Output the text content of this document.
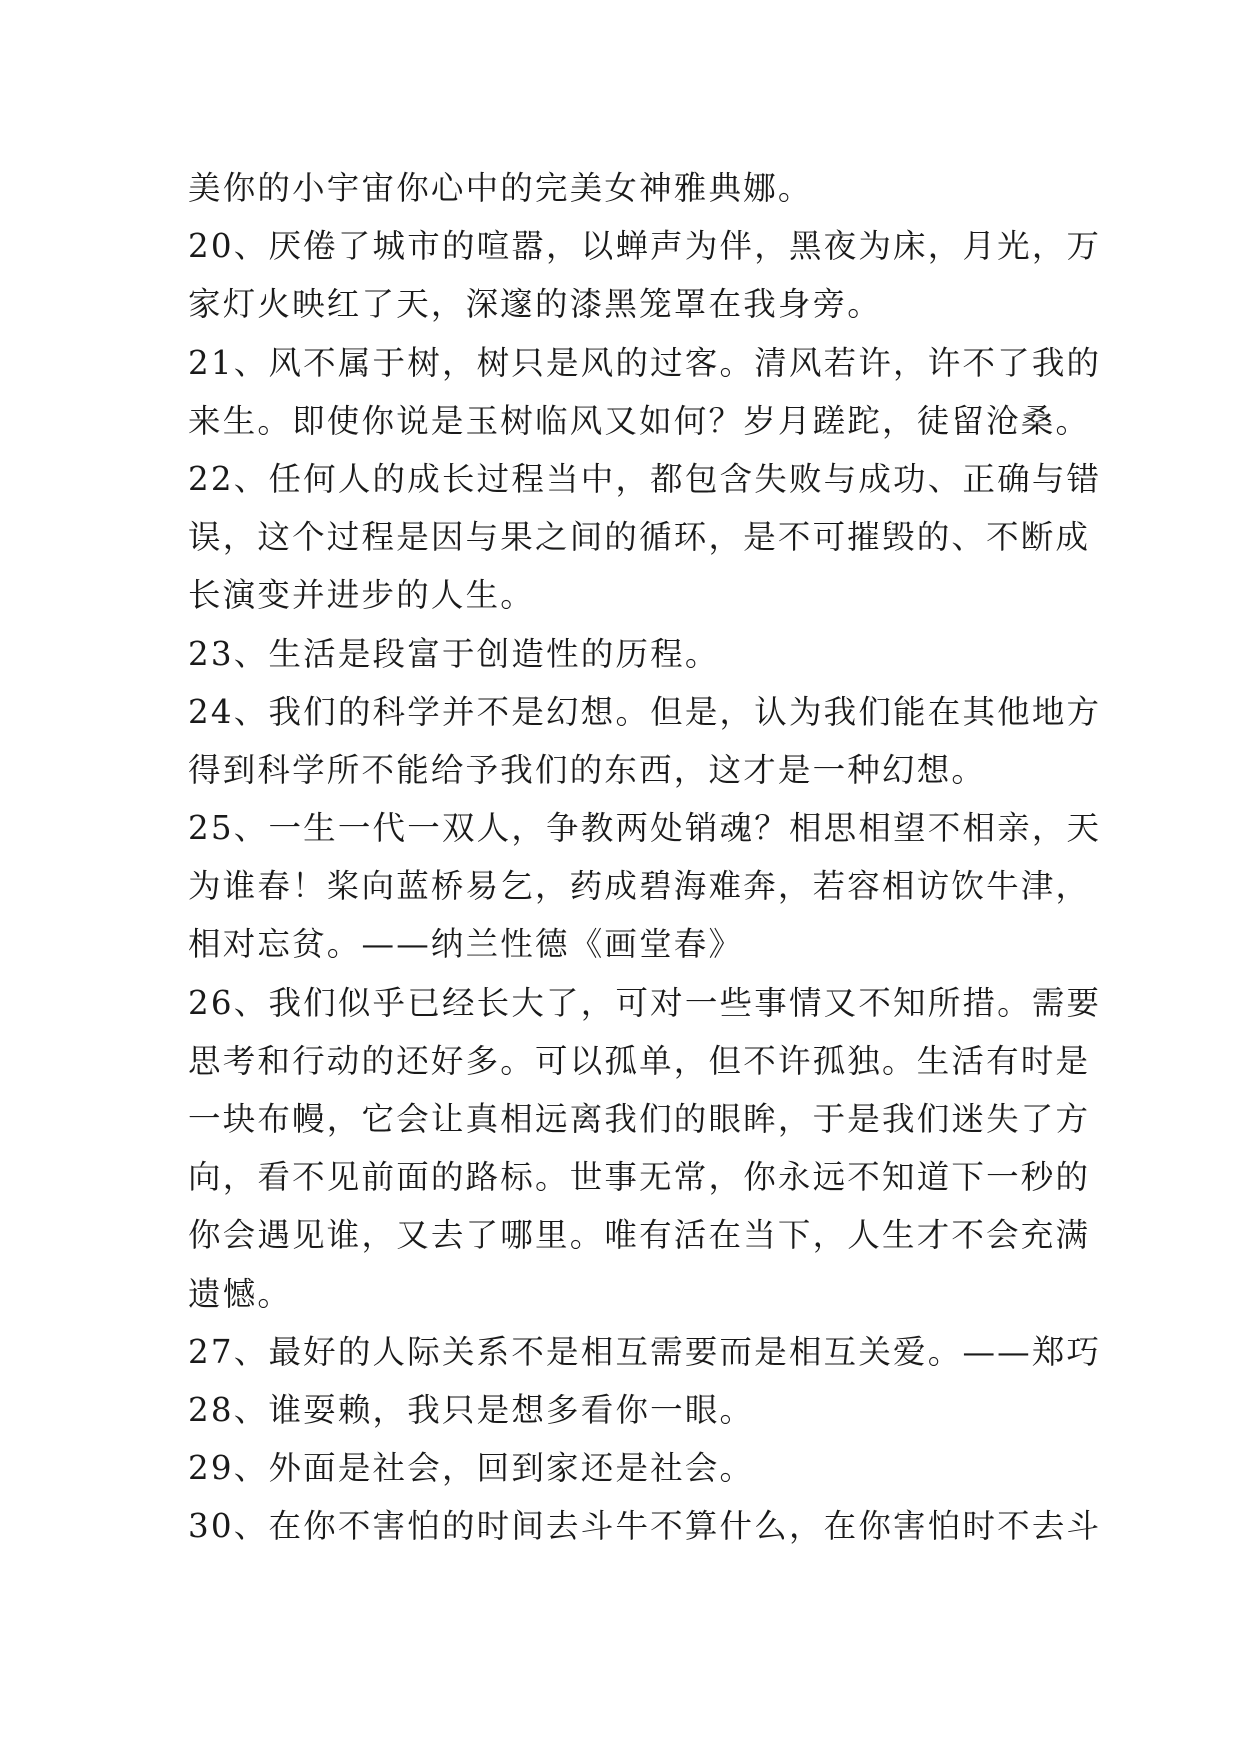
美你的小宇宙你心中的完美女神雅典娜。

20、厌倦了城市的喧嚣，以蝉声为伴，黑夜为床，月光，万

家灯火映红了天，深邃的漆黑笼罩在我身旁。

21、风不属于树，树只是风的过客。清风若许，许不了我的

来生。即使你说是玉树临风又如何？岁月蹉跎，徒留沧桑。

22、任何人的成长过程当中，都包含失败与成功、正确与错

误，这个过程是因与果之间的循环，是不可摧毁的、不断成

长演变并进步的人生。

23、生活是段富于创造性的历程。

24、我们的科学并不是幻想。但是，认为我们能在其他地方

得到科学所不能给予我们的东西，这才是一种幻想。

25、一生一代一双人，争教两处销魂？相思相望不相亲，天

为谁春！桨向蓝桥易乞，药成碧海难奔，若容相访饮牛津，

相对忘贫。——纳兰性德《画堂春》

26、我们似乎已经长大了，可对一些事情又不知所措。需要

思考和行动的还好多。可以孤单，但不许孤独。生活有时是

一块布幔，它会让真相远离我们的眼眸，于是我们迷失了方

向，看不见前面的路标。世事无常，你永远不知道下一秒的

你会遇见谁，又去了哪里。唯有活在当下，人生才不会充满

遗憾。

27、最好的人际关系不是相互需要而是相互关爱。——郑巧

28、谁耍赖，我只是想多看你一眼。

29、外面是社会，回到家还是社会。

30、在你不害怕的时间去斗牛不算什么，在你害怕时不去斗
